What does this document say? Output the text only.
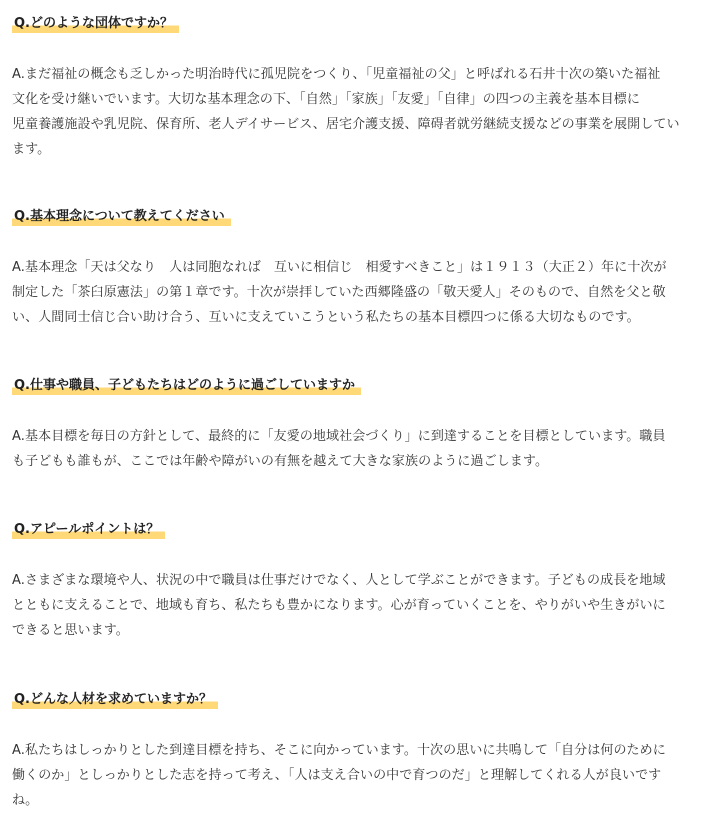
Q.どのような団体ですか？
A.まだ福祉の概念も乏しかった明治時代に孤児院をつくり、「児童福祉の父」と呼ばれる石井十次の築いた福祉
文化を受け継いでいます。大切な基本理念の下、「自然」「家族」「友愛」「自律」の四つの主義を基本目標に
児童養護施設や乳児院、保育所、老人デイサービス、居宅介護支援、障碍者就労継続支援などの事業を展開してい
ます。
Q.基本理念について教えてください
A.基本理念「天は父なり　人は同胞なれば　互いに相信じ　相愛すべきこと」は１９１３（大正２）年に十次が
制定した「茶臼原憲法」の第１章です。十次が崇拝していた西郷隆盛の「敬天愛人」そのもので、自然を父と敬
い、人間同士信じ合い助け合う、互いに支えていこうという私たちの基本目標四つに係る大切なものです。
Q.仕事や職員、子どもたちはどのように過ごしていますか
A.基本目標を毎日の方針として、最終的に「友愛の地域社会づくり」に到達することを目標としています。職員
も子どもも誰もが、ここでは年齢や障がいの有無を越えて大きな家族のように過ごします。
Q.アピールポイントは？
A.さまざまな環境や人、状況の中で職員は仕事だけでなく、人として学ぶことができます。子どもの成長を地域
とともに支えることで、地域も育ち、私たちも豊かになります。心が育っていくことを、やりがいや生きがいに
できると思います。
Q.どんな人材を求めていますか？
A.私たちはしっかりとした到達目標を持ち、そこに向かっています。十次の思いに共鳴して「自分は何のために
働くのか」としっかりとした志を持って考え、「人は支え合いの中で育つのだ」と理解してくれる人が良いです
ね。
